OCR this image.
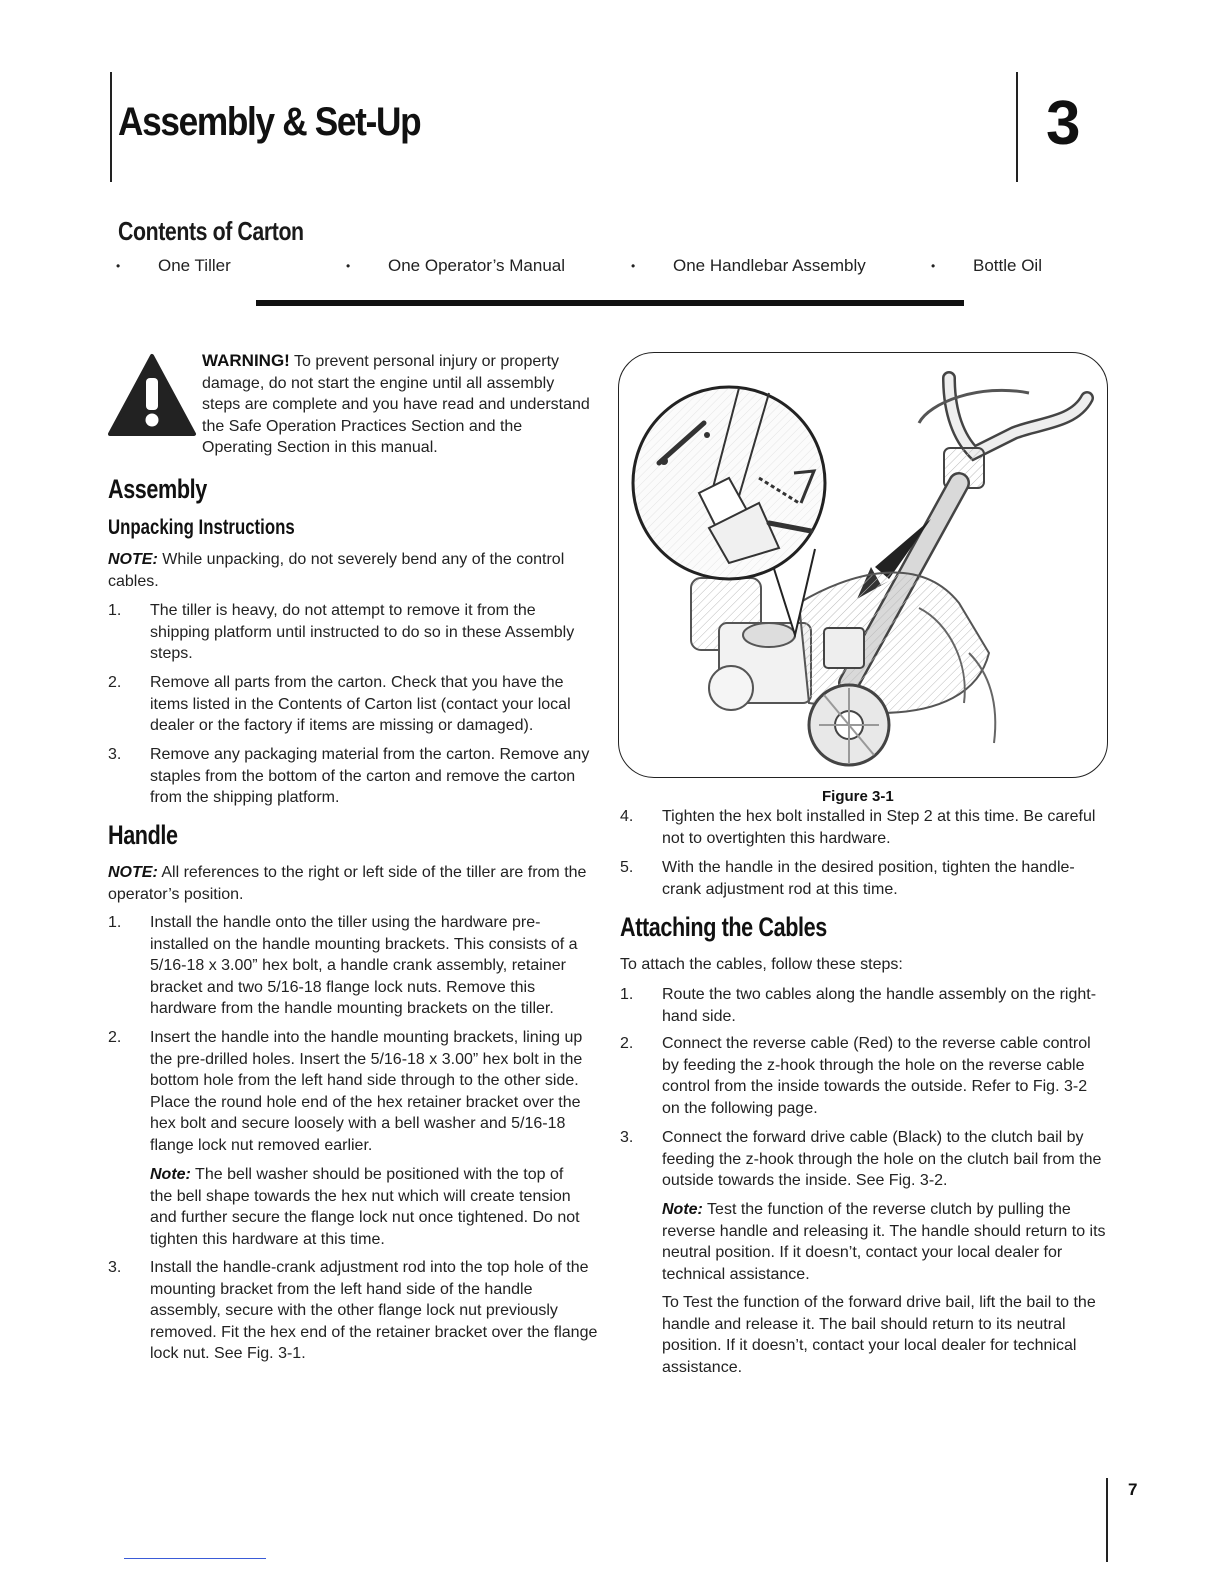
Assembly & Set-Up	3
Contents of Carton
• One Tiller	• One Operator’s Manual	• One Handlebar Assembly	• Bottle Oil
WARNING! To prevent personal injury or property damage, do not start the engine until all assembly steps are complete and you have read and understand the Safe Operation Practices Section and the Operating Section in this manual.
Assembly
Unpacking Instructions
NOTE: While unpacking, do not severely bend any of the control cables.
1. The tiller is heavy, do not attempt to remove it from the shipping platform until instructed to do so in these Assembly steps.
2. Remove all parts from the carton. Check that you have the items listed in the Contents of Carton list (contact your local dealer or the factory if items are missing or damaged).
3. Remove any packaging material from the carton. Remove any staples from the bottom of the carton and remove the carton from the shipping platform.
Handle
NOTE: All references to the right or left side of the tiller are from the operator’s position.
1. Install the handle onto the tiller using the hardware pre-installed on the handle mounting brackets. This consists of a 5/16-18 x 3.00” hex bolt, a handle crank assembly, retainer bracket and two 5/16-18 flange lock nuts. Remove this hardware from the handle mounting brackets on the tiller.
2. Insert the handle into the handle mounting brackets, lining up the pre-drilled holes. Insert the 5/16-18 x 3.00” hex bolt in the bottom hole from the left hand side through to the other side. Place the round hole end of the hex retainer bracket over the hex bolt and secure loosely with a bell washer and 5/16-18 flange lock nut removed earlier.
Note: The bell washer should be positioned with the top of the bell shape towards the hex nut which will create tension and further secure the flange lock nut once tightened. Do not tighten this hardware at this time.
3. Install the handle-crank adjustment rod into the top hole of the mounting bracket from the left hand side of the handle assembly, secure with the other flange lock nut previously removed. Fit the hex end of the retainer bracket over the flange lock nut. See Fig. 3-1.
Figure 3-1
4. Tighten the hex bolt installed in Step 2 at this time. Be careful not to overtighten this hardware.
5. With the handle in the desired position, tighten the handle-crank adjustment rod at this time.
Attaching the Cables
To attach the cables, follow these steps:
1. Route the two cables along the handle assembly on the right-hand side.
2. Connect the reverse cable (Red) to the reverse cable control by feeding the z-hook through the hole on the reverse cable control from the inside towards the outside. Refer to Fig. 3-2 on the following page.
3. Connect the forward drive cable (Black) to the clutch bail by feeding the z-hook through the hole on the clutch bail from the outside towards the inside. See Fig. 3-2.
Note: Test the function of the reverse clutch by pulling the reverse handle and releasing it. The handle should return to its neutral position. If it doesn’t, contact your local dealer for technical assistance.
To Test the function of the forward drive bail, lift the bail to the handle and release it. The bail should return to its neutral position. If it doesn’t, contact your local dealer for technical assistance.
7
